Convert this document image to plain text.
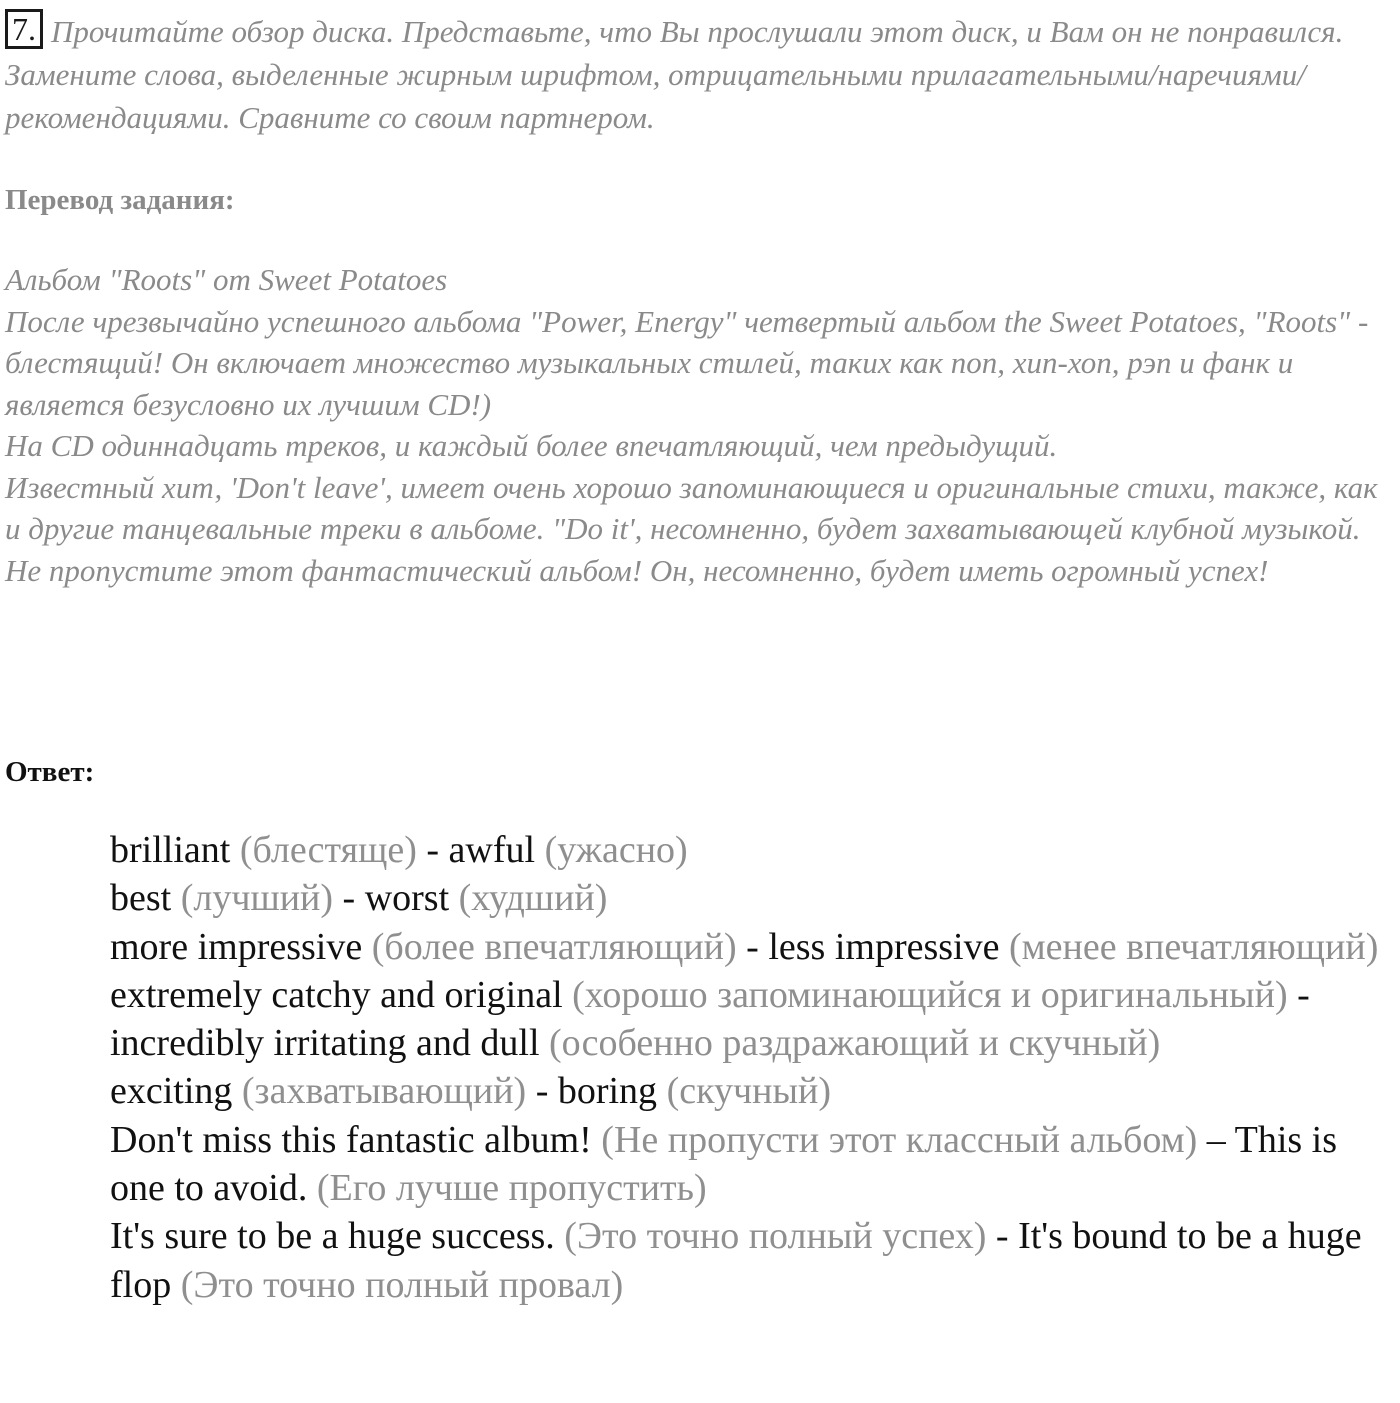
7. Прочитайте обзор диска. Представьте, что Вы прослушали этот диск, и Вам он не понравился. Замените слова, выделенные жирным шрифтом, отрицательными прилагательными/наречиями/рекомендациями. Сравните со своим партнером.
Перевод задания:

Альбом "Roots" от Sweet Potatoes

После чрезвычайно успешного альбома "Power, Energy" четвертый альбом the Sweet Potatoes, "Roots" - блестящий! Он включает множество музыкальных стилей, таких как поп, хип-хоп, рэп и фанк и является безусловно их лучшим CD!)

На CD одиннадцать треков, и каждый более впечатляющий, чем предыдущий.

Известный хит, 'Don't leave', имеет очень хорошо запоминающиеся и оригинальные стихи, также, как и другие танцевальные треки в альбоме. "Do it', несомненно, будет захватывающей клубной музыкой.

Не пропустите этот фантастический альбом! Он, несомненно, будет иметь огромный успех!

Ответ:

brilliant (блестяще) - awful (ужасно)

best (лучший) - worst (худший)

more impressive (более впечатляющий) - less impressive (менее впечатляющий)

extremely catchy and original (хорошо запоминающийся и оригинальный) - incredibly irritating and dull (особенно раздражающий и скучный)

exciting (захватывающий) - boring (скучный)

Don't miss this fantastic album! (Не пропусти этот классный альбом) – This is one to avoid. (Его лучше пропустить)

It's sure to be a huge success. (Это точно полный успех) - It's bound to be a huge flop (Это точно полный провал)
